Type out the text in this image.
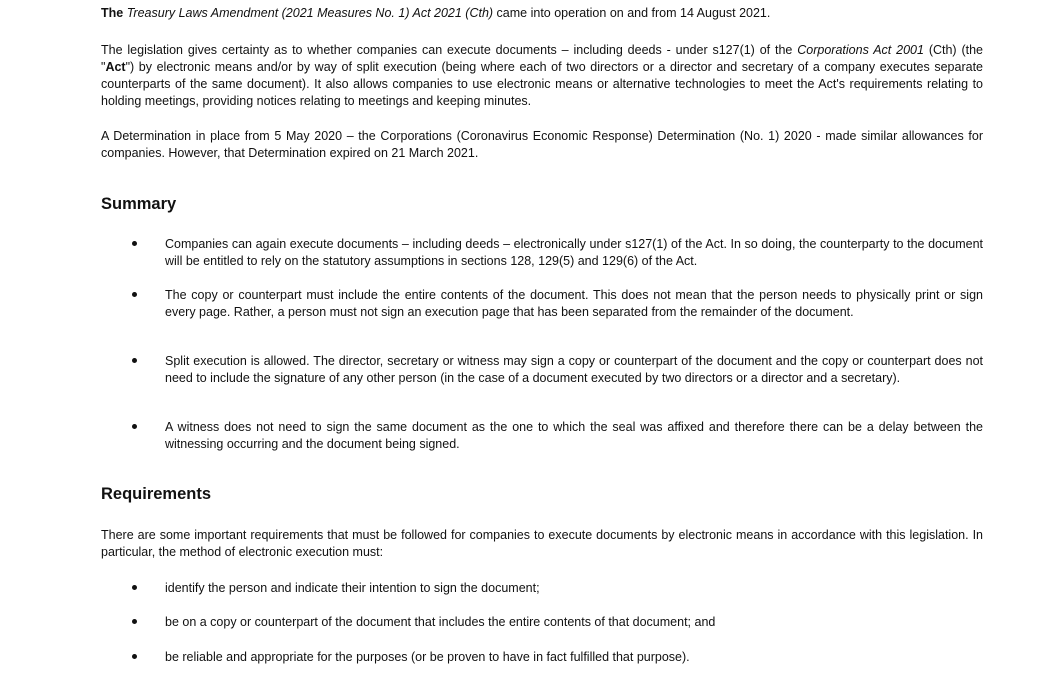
The Treasury Laws Amendment (2021 Measures No. 1) Act 2021 (Cth) came into operation on and from 14 August 2021.

The legislation gives certainty as to whether companies can execute documents – including deeds - under s127(1) of the Corporations Act 2001 (Cth) (the "Act") by electronic means and/or by way of split execution (being where each of two directors or a director and secretary of a company executes separate counterparts of the same document). It also allows companies to use electronic means or alternative technologies to meet the Act's requirements relating to holding meetings, providing notices relating to meetings and keeping minutes.

A Determination in place from 5 May 2020 – the Corporations (Coronavirus Economic Response) Determination (No. 1) 2020 - made similar allowances for companies. However, that Determination expired on 21 March 2021.

Summary

Companies can again execute documents – including deeds – electronically under s127(1) of the Act. In so doing, the counterparty to the document will be entitled to rely on the statutory assumptions in sections 128, 129(5) and 129(6) of the Act.

The copy or counterpart must include the entire contents of the document. This does not mean that the person needs to physically print or sign every page. Rather, a person must not sign an execution page that has been separated from the remainder of the document.

Split execution is allowed. The director, secretary or witness may sign a copy or counterpart of the document and the copy or counterpart does not need to include the signature of any other person (in the case of a document executed by two directors or a director and a secretary).

A witness does not need to sign the same document as the one to which the seal was affixed and therefore there can be a delay between the witnessing occurring and the document being signed.

Requirements

There are some important requirements that must be followed for companies to execute documents by electronic means in accordance with this legislation. In particular, the method of electronic execution must:

identify the person and indicate their intention to sign the document;

be on a copy or counterpart of the document that includes the entire contents of that document; and

be reliable and appropriate for the purposes (or be proven to have in fact fulfilled that purpose).
